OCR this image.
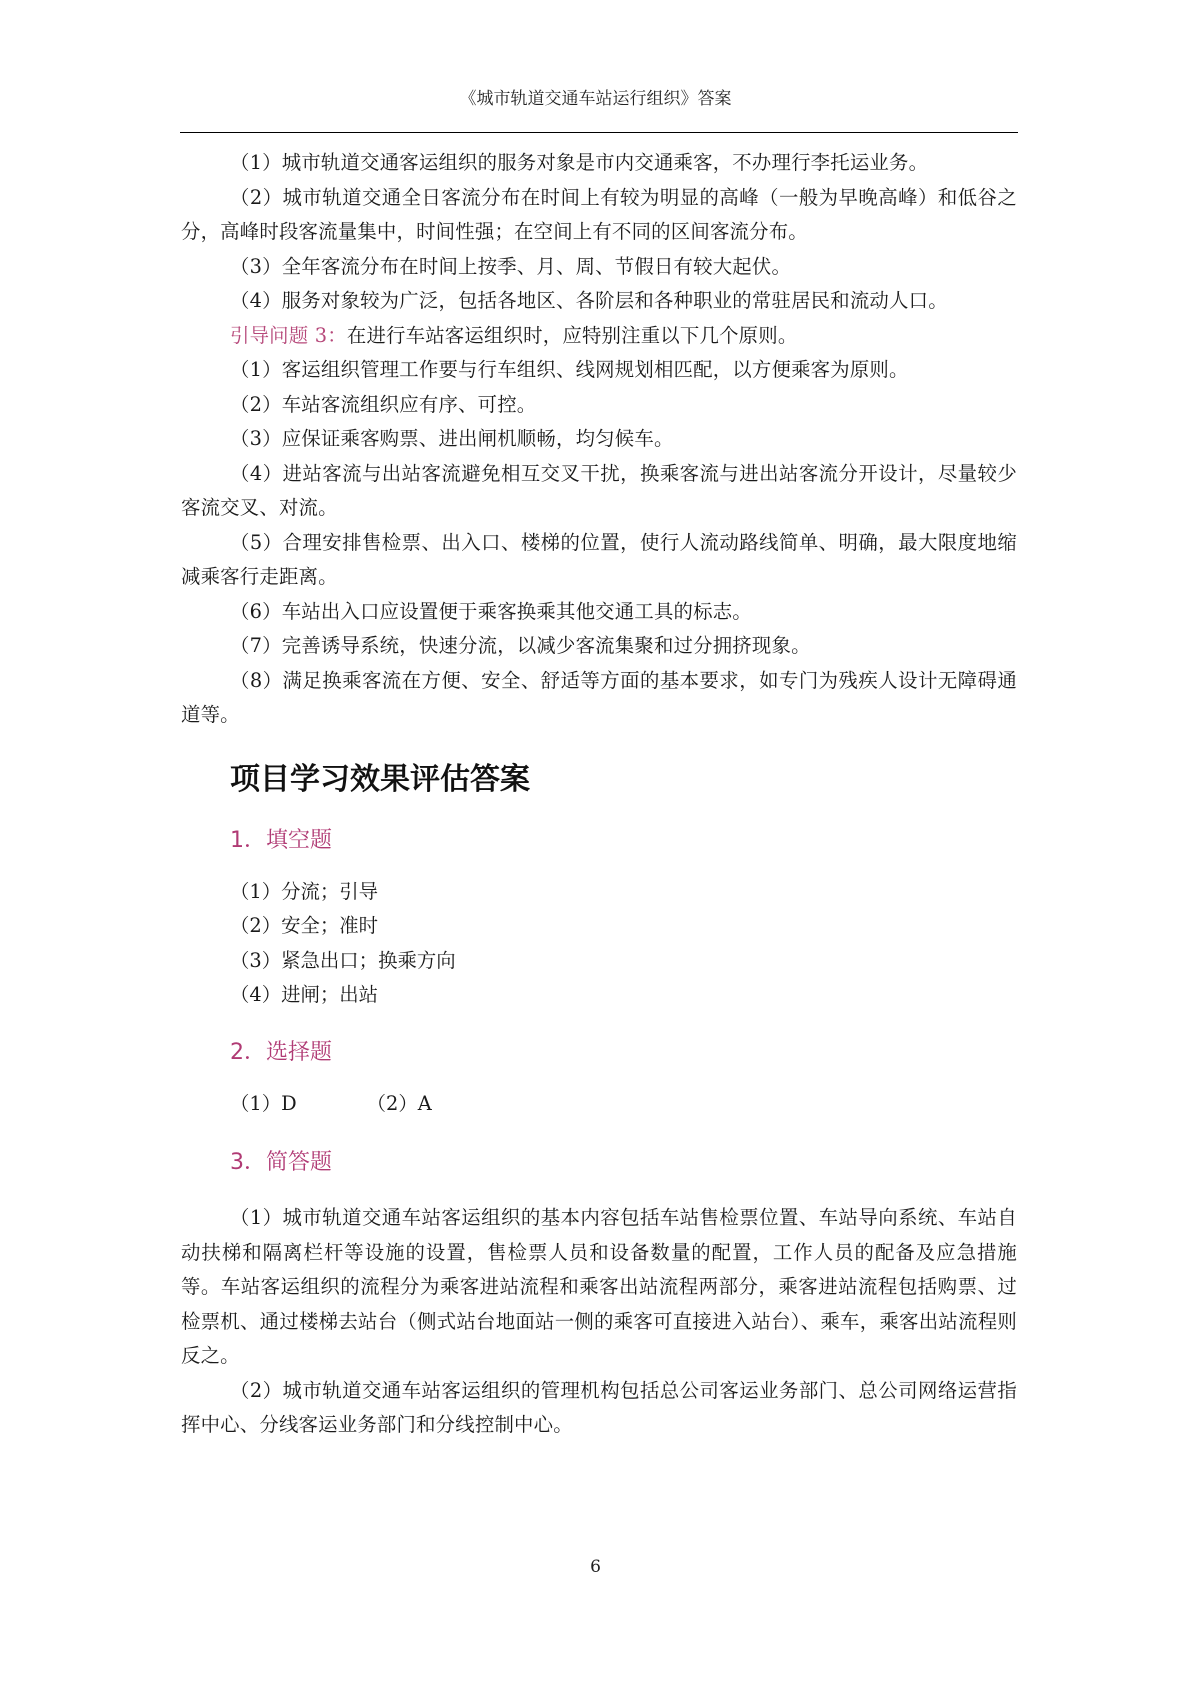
《城市轨道交通车站运行组织》答案

（1）城市轨道交通客运组织的服务对象是市内交通乘客，不办理行李托运业务。

（2）城市轨道交通全日客流分布在时间上有较为明显的高峰（一般为早晚高峰）和低谷之分，高峰时段客流量集中，时间性强；在空间上有不同的区间客流分布。

（3）全年客流分布在时间上按季、月、周、节假日有较大起伏。

（4）服务对象较为广泛，包括各地区、各阶层和各种职业的常驻居民和流动人口。

引导问题 3：在进行车站客运组织时，应特别注重以下几个原则。

（1）客运组织管理工作要与行车组织、线网规划相匹配，以方便乘客为原则。

（2）车站客流组织应有序、可控。

（3）应保证乘客购票、进出闸机顺畅，均匀候车。

（4）进站客流与出站客流避免相互交叉干扰，换乘客流与进出站客流分开设计，尽量较少客流交叉、对流。

（5）合理安排售检票、出入口、楼梯的位置，使行人流动路线简单、明确，最大限度地缩减乘客行走距离。

（6）车站出入口应设置便于乘客换乘其他交通工具的标志。

（7）完善诱导系统，快速分流，以减少客流集聚和过分拥挤现象。

（8）满足换乘客流在方便、安全、舒适等方面的基本要求，如专门为残疾人设计无障碍通道等。

项目学习效果评估答案
1．填空题
（1）分流；引导
（2）安全；准时
（3）紧急出口；换乘方向
（4）进闸；出站
2．选择题
（1）D	（2）A
3．简答题

（1）城市轨道交通车站客运组织的基本内容包括车站售检票位置、车站导向系统、车站自动扶梯和隔离栏杆等设施的设置，售检票人员和设备数量的配置，工作人员的配备及应急措施等。车站客运组织的流程分为乘客进站流程和乘客出站流程两部分，乘客进站流程包括购票、过检票机、通过楼梯去站台（侧式站台地面站一侧的乘客可直接进入站台）、乘车，乘客出站流程则反之。

（2）城市轨道交通车站客运组织的管理机构包括总公司客运业务部门、总公司网络运营指挥中心、分线客运业务部门和分线控制中心。

6
